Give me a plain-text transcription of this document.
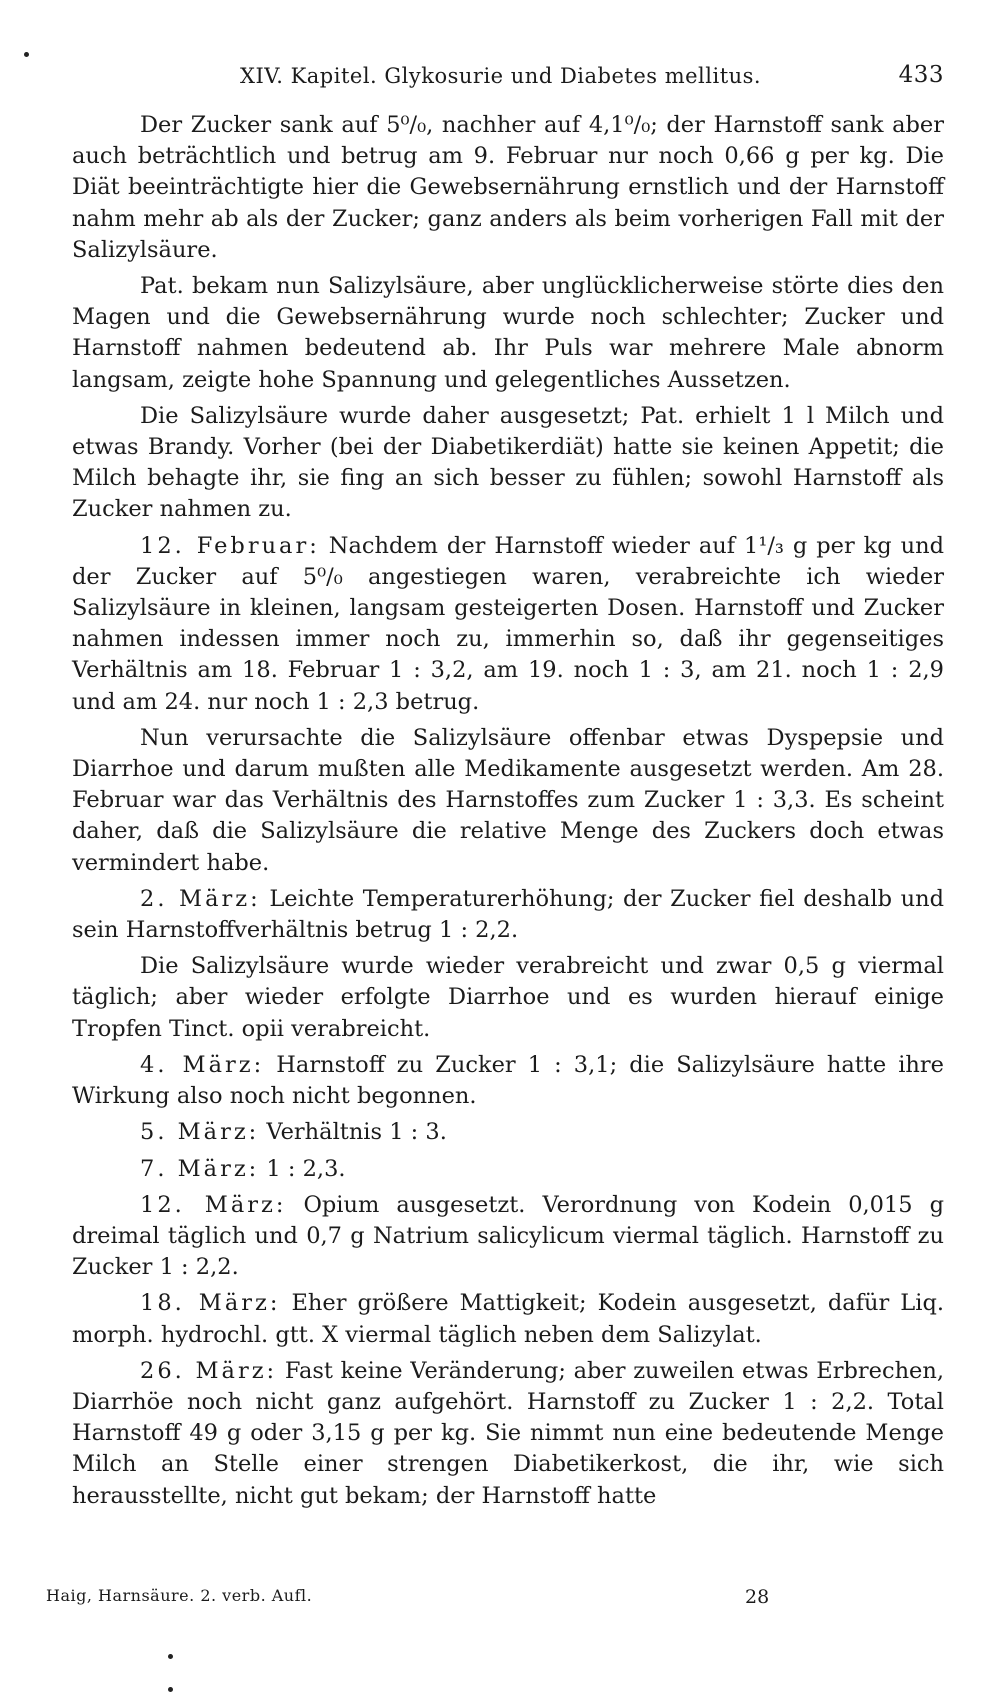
XIV. Kapitel. Glykosurie und Diabetes mellitus.	433

Der Zucker sank auf 5⁰/₀, nachher auf 4,1⁰/₀; der Harnstoff sank aber auch beträchtlich und betrug am 9. Februar nur noch 0,66 g per kg. Die Diät beeinträchtigte hier die Gewebsernährung ernstlich und der Harnstoff nahm mehr ab als der Zucker; ganz anders als beim vorherigen Fall mit der Salizylsäure.

Pat. bekam nun Salizylsäure, aber unglücklicherweise störte dies den Magen und die Gewebsernährung wurde noch schlechter; Zucker und Harnstoff nahmen bedeutend ab. Ihr Puls war mehrere Male abnorm langsam, zeigte hohe Spannung und gelegentliches Aussetzen.

Die Salizylsäure wurde daher ausgesetzt; Pat. erhielt 1 l Milch und etwas Brandy. Vorher (bei der Diabetikerdiät) hatte sie keinen Appetit; die Milch behagte ihr, sie fing an sich besser zu fühlen; sowohl Harnstoff als Zucker nahmen zu.

12. Februar: Nachdem der Harnstoff wieder auf 1¹/₃ g per kg und der Zucker auf 5⁰/₀ angestiegen waren, verabreichte ich wieder Salizylsäure in kleinen, langsam gesteigerten Dosen. Harnstoff und Zucker nahmen indessen immer noch zu, immerhin so, daß ihr gegenseitiges Verhältnis am 18. Februar 1 : 3,2, am 19. noch 1 : 3, am 21. noch 1 : 2,9 und am 24. nur noch 1 : 2,3 betrug.

Nun verursachte die Salizylsäure offenbar etwas Dyspepsie und Diarrhoe und darum mußten alle Medikamente ausgesetzt werden. Am 28. Februar war das Verhältnis des Harnstoffes zum Zucker 1 : 3,3. Es scheint daher, daß die Salizylsäure die relative Menge des Zuckers doch etwas vermindert habe.

2. März: Leichte Temperaturerhöhung; der Zucker fiel deshalb und sein Harnstoffverhältnis betrug 1 : 2,2.

Die Salizylsäure wurde wieder verabreicht und zwar 0,5 g viermal täglich; aber wieder erfolgte Diarrhoe und es wurden hierauf einige Tropfen Tinct. opii verabreicht.

4. März: Harnstoff zu Zucker 1 : 3,1; die Salizylsäure hatte ihre Wirkung also noch nicht begonnen.

5. März: Verhältnis 1 : 3.

7. März: 1 : 2,3.

12. März: Opium ausgesetzt. Verordnung von Kodein 0,015 g dreimal täglich und 0,7 g Natrium salicylicum viermal täglich. Harnstoff zu Zucker 1 : 2,2.

18. März: Eher größere Mattigkeit; Kodein ausgesetzt, dafür Liq. morph. hydrochl. gtt. X viermal täglich neben dem Salizylat.

26. März: Fast keine Veränderung; aber zuweilen etwas Erbrechen, Diarrhöe noch nicht ganz aufgehört. Harnstoff zu Zucker 1 : 2,2. Total Harnstoff 49 g oder 3,15 g per kg. Sie nimmt nun eine bedeutende Menge Milch an Stelle einer strengen Diabetikerkost, die ihr, wie sich herausstellte, nicht gut bekam; der Harnstoff hatte

Haig, Harnsäure. 2. verb. Aufl.	28
